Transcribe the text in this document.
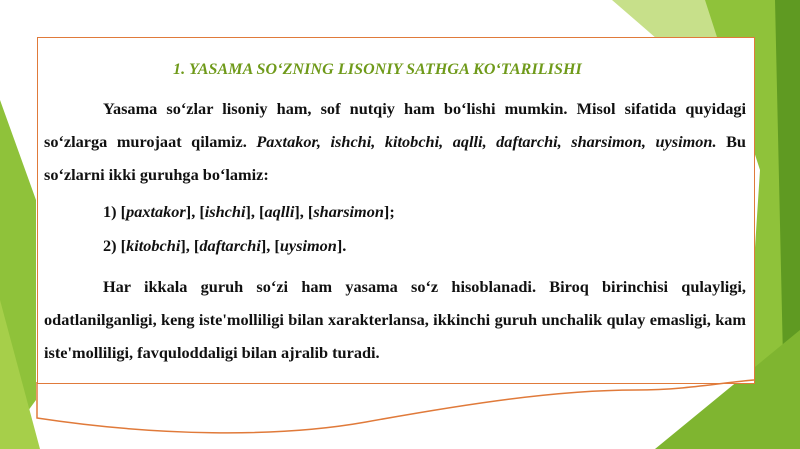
1. YASAMA SO‘ZNING LISONIY SATHGA KO‘TARILISHI
Yasama so‘zlar lisoniy ham, sof nutqiy ham bo‘lishi mumkin. Misol sifatida quyidagi so‘zlarga murojaat qilamiz. Paxtakor, ishchi, kitobchi, aqlli, daftarchi, sharsimon, uysimon. Bu so‘zlarni ikki guruhga bo‘lamiz:
1) [paxtakor], [ishchi], [aqlli], [sharsimon];
2) [kitobchi], [daftarchi], [uysimon].
Har ikkala guruh so‘zi ham yasama so‘z hisoblanadi. Biroq birinchisi qulayligi, odatlanilganligi, keng iste'molliligi bilan xarakterlansa, ikkinchi guruh unchalik qulay emasligi, kam iste'molliligi, favquloddaligi bilan ajralib turadi.
